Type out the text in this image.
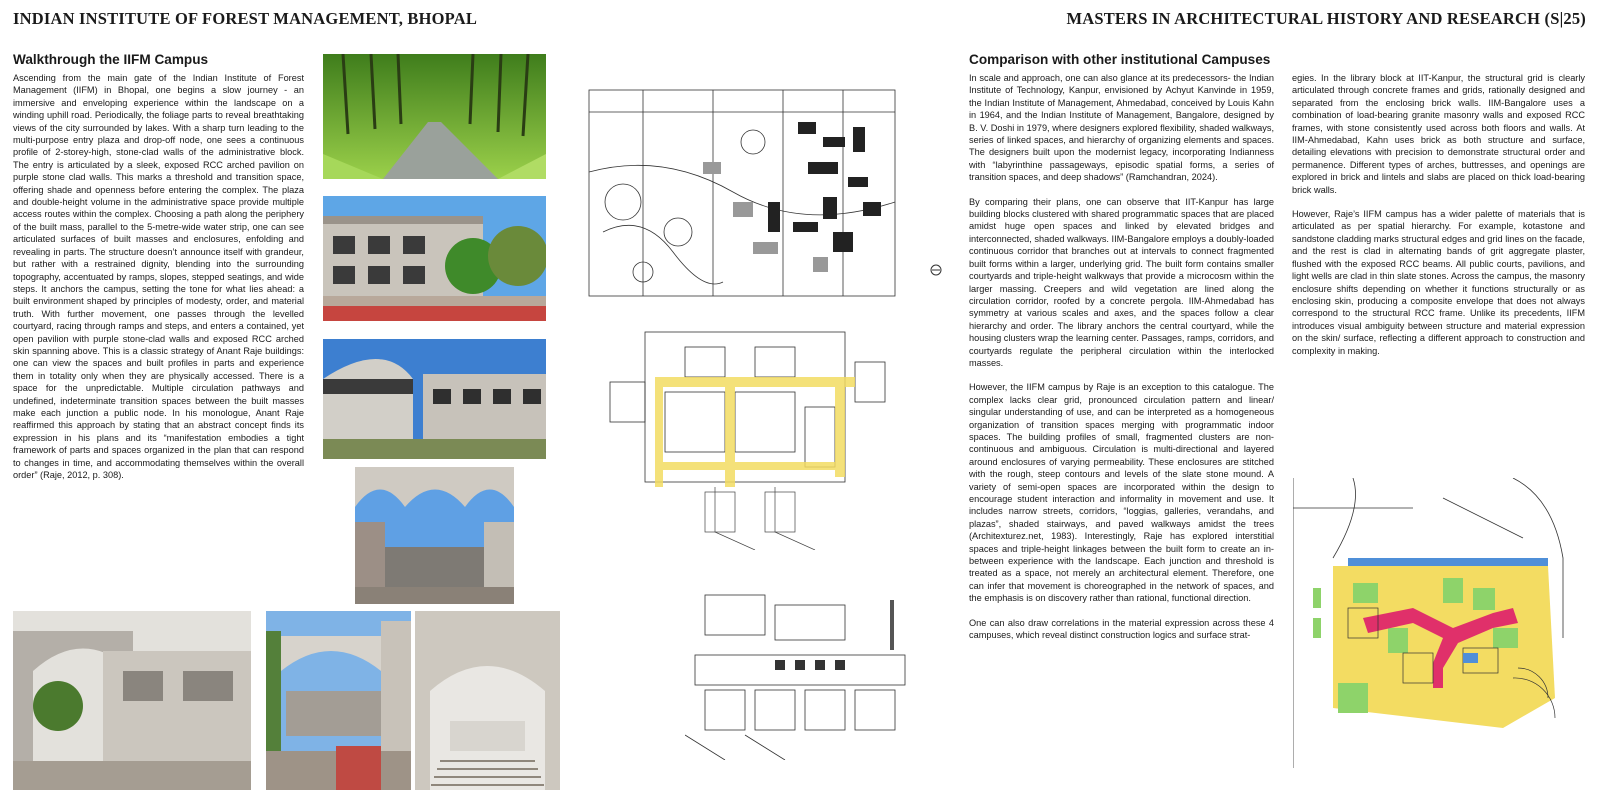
INDIAN INSTITUTE OF FOREST MANAGEMENT, BHOPAL	MASTERS IN ARCHITECTURAL HISTORY AND RESEARCH (S|25)
Walkthrough the IIFM Campus

Ascending from the main gate of the Indian Institute of Forest Management (IIFM) in Bhopal, one begins a slow journey - an immersive and enveloping experience within the landscape on a winding uphill road. Periodically, the foliage parts to reveal breathtaking views of the city surrounded by lakes. With a sharp turn leading to the multi-purpose entry plaza and drop-off node, one sees a continuous profile of 2-storey-high, stone-clad walls of the administrative block. The entry is articulated by a sleek, exposed RCC arched pavilion on purple stone clad walls. This marks a threshold and transition space, offering shade and openness before entering the complex. The plaza and double-height volume in the administrative space provide multiple access routes within the complex. Choosing a path along the periphery of the built mass, parallel to the 5-metre-wide water strip, one can see articulated surfaces of built masses and enclosures, enfolding and revealing in parts. The structure doesn’t announce itself with grandeur, but rather with a restrained dignity, blending into the surrounding topography, accentuated by ramps, slopes, stepped seatings, and wide steps. It anchors the campus, setting the tone for what lies ahead: a built environment shaped by principles of modesty, order, and material truth. With further movement, one passes through the levelled courtyard, racing through ramps and steps, and enters a contained, yet open pavilion with purple stone-clad walls and exposed RCC arched skin spanning above. This is a classic strategy of Anant Raje buildings: one can view the spaces and built profiles in parts and experience them in totality only when they are physically accessed. There is a space for the unpredictable. Multiple circulation pathways and undefined, indeterminate transition spaces between the built masses make each junction a public node. In his monologue, Anant Raje reaffirmed this approach by stating that an abstract concept finds its expression in his plans and its “manifestation embodies a tight framework of parts and spaces organized in the plan that can respond to changes in time, and accommodating themselves within the overall order” (Raje, 2012, p. 308).

Comparison with other institutional Campuses

In scale and approach, one can also glance at its predecessors- the Indian Institute of Technology, Kanpur, envisioned by Achyut Kanvinde in 1959, the Indian Institute of Management, Ahmedabad, conceived by Louis Kahn in 1964, and the Indian Institute of Management, Bangalore, designed by B. V. Doshi in 1979, where designers explored flexibility, shaded walkways, series of linked spaces, and hierarchy of organizing elements and spaces. The designers built upon the modernist legacy, incorporating Indianness with “labyrinthine passageways, episodic spatial forms, a series of transition spaces, and deep shadows” (Ramchandran, 2024).

By comparing their plans, one can observe that IIT-Kanpur has large building blocks clustered with shared programmatic spaces that are placed amidst huge open spaces and linked by elevated bridges and interconnected, shaded walkways. IIM-Bangalore employs a doubly-loaded continuous corridor that branches out at intervals to connect fragmented built forms within a larger, underlying grid. The built form contains smaller courtyards and triple-height walkways that provide a microcosm within the larger massing. Creepers and wild vegetation are lined along the circulation corridor, roofed by a concrete pergola. IIM-Ahmedabad has symmetry at various scales and axes, and the spaces follow a clear hierarchy and order. The library anchors the central courtyard, while the housing clusters wrap the learning center. Passages, ramps, corridors, and courtyards regulate the peripheral circulation within the interlocked masses.

However, the IIFM campus by Raje is an exception to this catalogue. The complex lacks clear grid, pronounced circulation pattern and linear/ singular understanding of use, and can be interpreted as a homogeneous organization of transition spaces merging with programmatic indoor spaces. The building profiles of small, fragmented clusters are non-continuous and ambiguous. Circulation is multi-directional and layered around enclosures of varying permeability. These enclosures are stitched with the rough, steep contours and levels of the slate stone mound. A variety of semi-open spaces are incorporated within the design to encourage student interaction and informality in movement and use. It includes narrow streets, corridors, “loggias, galleries, verandahs, and plazas”, shaded stairways, and paved walkways amidst the trees (Architexturez.net, 1983). Interestingly, Raje has explored interstitial spaces and triple-height linkages between the built form to create an in-between experience with the landscape. Each junction and threshold is treated as a space, not merely an architectural element. Therefore, one can infer that movement is choreographed in the network of spaces, and the emphasis is on discovery rather than rational, functional direction.

One can also draw correlations in the material expression across these 4 campuses, which reveal distinct construction logics and surface strat-

egies. In the library block at IIT-Kanpur, the structural grid is clearly articulated through concrete frames and grids, rationally designed and separated from the enclosing brick walls. IIM-Bangalore uses a combination of load-bearing granite masonry walls and exposed RCC frames, with stone consistently used across both floors and walls. At IIM-Ahmedabad, Kahn uses brick as both structure and surface, detailing elevations with precision to demonstrate structural order and permanence. Different types of arches, buttresses, and openings are explored in brick and lintels and slabs are placed on thick load-bearing brick walls.

However, Raje’s IIFM campus has a wider palette of materials that is articulated as per spatial hierarchy. For example, kotastone and sandstone cladding marks structural edges and grid lines on the facade, and the rest is clad in alternating bands of grit aggregate plaster, flushed with the exposed RCC beams. All public courts, pavilions, and light wells are clad in thin slate stones. Across the campus, the masonry enclosure shifts depending on whether it functions structurally or as enclosing skin, producing a composite envelope that does not always correspond to the structural RCC frame. Unlike its precedents, IIFM introduces visual ambiguity between structure and material expression on the skin/ surface, reflecting a different approach to construction and complexity in making.
